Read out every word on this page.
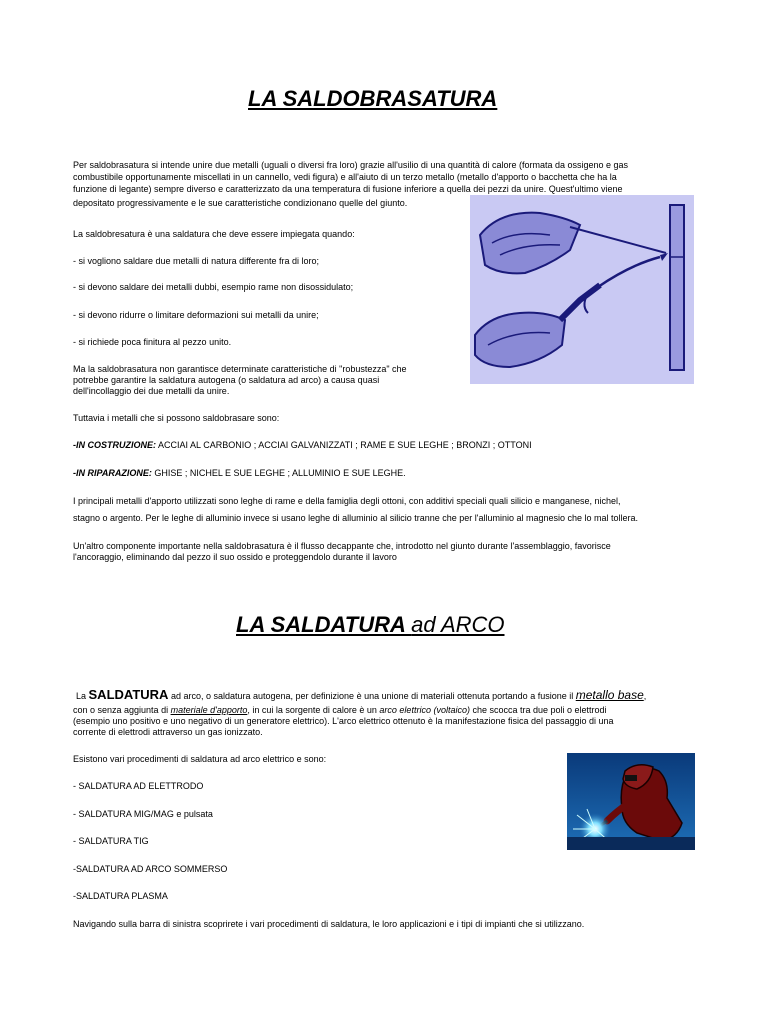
LA SALDOBRASATURA
Per saldobrasatura si intende unire due metalli (uguali o diversi fra loro) grazie all'usilio di una quantità di calore (formata da ossigeno e gas
combustibile opportunamente miscellati in un cannello, vedi figura) e all'aiuto di un terzo metallo (metallo d'apporto o bacchetta che ha la
funzione di legante) sempre diverso e caratterizzato da una temperatura di fusione inferiore a quella dei pezzi da unire. Quest'ultimo viene
depositato progressivamente e le sue caratteristiche condizionano quelle del giunto.
La saldobresatura è una saldatura che deve essere impiegata quando:
- si vogliono saldare due metalli di natura differente fra di loro;
- si devono saldare dei metalli dubbi, esempio rame non disossidulato;
- si devono ridurre o limitare deformazioni sui metalli da unire;
- si richiede poca finitura al pezzo unito.
Ma la saldobrasatura non garantisce determinate caratteristiche di "robustezza" che
potrebbe garantire la saldatura autogena (o saldatura ad arco) a causa quasi
dell'incollaggio dei due metalli da unire.
Tuttavia i metalli che si possono saldobrasare sono:
-IN COSTRUZIONE: ACCIAI AL CARBONIO ; ACCIAI GALVANIZZATI ; RAME E SUE LEGHE ; BRONZI ; OTTONI
-IN RIPARAZIONE: GHISE ; NICHEL E SUE LEGHE ; ALLUMINIO E SUE LEGHE.
I principali metalli d'apporto utilizzati sono leghe di rame e della famiglia degli ottoni, con additivi speciali quali silicio e manganese, nichel,
stagno o argento. Per le leghe di alluminio invece si usano leghe di alluminio al silicio tranne che per l'alluminio al magnesio che lo mal tollera.
Un'altro componente importante nella saldobrasatura è il flusso decappante che, introdotto nel giunto durante l'assemblaggio, favorisce
l'ancoraggio, eliminando dal pezzo il suo ossido e proteggendolo durante il lavoro
LA SALDATURA ad ARCO
La SALDATURA ad arco, o saldatura autogena, per definizione è una unione di materiali ottenuta portando a fusione il metallo base,
con o senza aggiunta di materiale d'apporto, in cui la sorgente di calore è un arco elettrico (voltaico) che scocca tra due poli o elettrodi
(esempio uno positivo e uno negativo di un generatore elettrico). L'arco elettrico ottenuto è la manifestazione fisica del passaggio di una
corrente di elettrodi attraverso un gas ionizzato.
Esistono vari procedimenti di saldatura ad arco elettrico e sono:
- SALDATURA AD ELETTRODO
- SALDATURA MIG/MAG e pulsata
- SALDATURA TIG
-SALDATURA AD ARCO SOMMERSO
-SALDATURA PLASMA
Navigando sulla barra di sinistra scoprirete i vari procedimenti di saldatura, le loro applicazioni e i tipi di impianti che si utilizzano.
